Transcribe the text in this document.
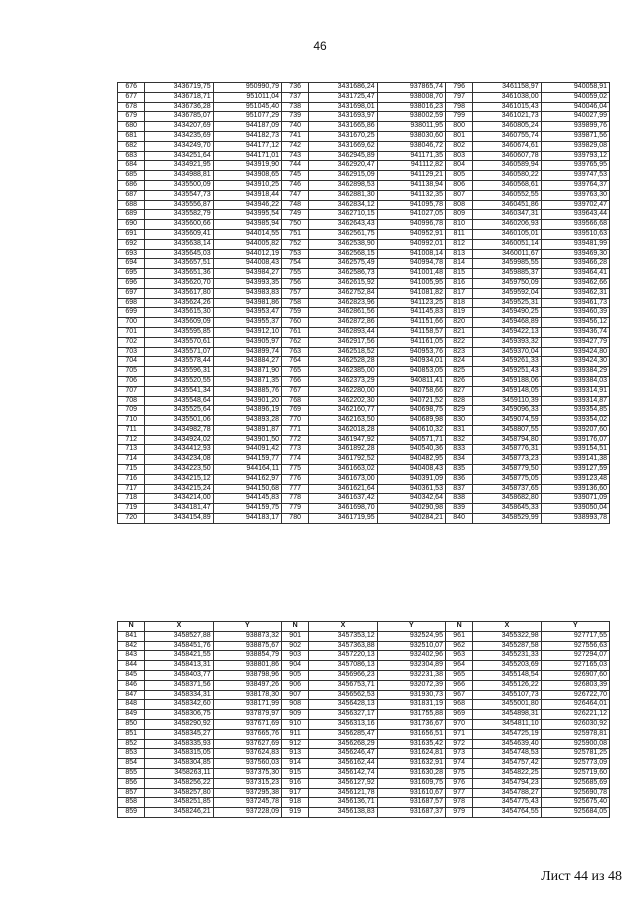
46
676	3436719,75	950990,79	736	3431686,24	937865,74	796	3461158,97	940058,91
677	3436718,71	951011,04	737	3431725,47	938008,70	797	3461038,00	940059,02
678	3436736,28	951045,40	738	3431698,01	938016,23	798	3461015,43	940046,04
679	3436785,07	951077,29	739	3431693,97	938002,59	799	3461021,73	940027,99
680	3434207,69	944187,09	740	3431665,86	938011,95	800	3460805,24	939899,76
681	3434235,69	944182,73	741	3431670,25	938030,60	801	3460755,74	939871,56
682	3434249,70	944177,12	742	3431669,62	938046,72	802	3460674,61	939829,08
683	3434251,64	944171,01	743	3462945,89	941171,35	803	3460607,78	939793,12
684	3434921,95	943919,90	744	3462920,47	941112,82	804	3460589,94	939765,95
685	3434988,81	943908,65	745	3462915,09	941129,21	805	3460580,22	939747,53
686	3435500,09	943910,25	746	3462898,53	941138,94	806	3460568,61	939764,37
687	3435547,73	943918,44	747	3462881,30	941132,35	807	3460552,55	939763,30
688	3435556,87	943946,22	748	3462834,12	941095,78	808	3460451,86	939702,47
689	3435582,79	943995,54	749	3462710,15	941027,05	809	3460347,31	939643,44
690	3435600,66	943985,94	750	3462643,43	940996,78	810	3460206,93	939566,68
691	3435609,41	944014,55	751	3462561,75	940952,91	811	3460105,01	939510,63
692	3435638,14	944005,82	752	3462538,90	940992,01	812	3460051,14	939481,99
693	3435645,03	944012,19	753	3462568,15	941008,14	813	3460011,67	939469,30
694	3435657,51	944008,43	754	3462575,49	940994,78	814	3459985,55	939466,28
695	3435651,36	943984,27	755	3462586,73	941001,48	815	3459885,37	939464,41
696	3435620,70	943993,35	756	3462615,92	941005,95	816	3459750,09	939462,66
697	3435617,80	943983,83	757	3462752,84	941081,82	817	3459592,04	939462,31
698	3435624,26	943981,86	758	3462823,96	941123,25	818	3459525,31	939461,73
699	3435615,30	943953,47	759	3462861,56	941145,83	819	3459490,25	939460,39
700	3435609,09	943955,37	760	3462872,86	941151,66	820	3459468,89	939456,12
701	3435595,85	943912,10	761	3462893,44	941158,57	821	3459422,13	939436,74
702	3435570,61	943905,97	762	3462917,56	941161,05	822	3459393,32	939427,79
703	3435571,07	943899,74	763	3462518,52	940953,76	823	3459370,04	939424,80
704	3435578,44	943884,27	764	3462528,28	940934,01	824	3459261,33	939424,30
705	3435596,31	943871,90	765	3462385,00	940853,05	825	3459251,43	939384,29
706	3435520,55	943871,35	766	3462373,29	940811,41	826	3459188,06	939384,03
707	3435541,34	943885,76	767	3462280,00	940758,66	827	3459148,05	939314,91
708	3435548,64	943901,20	768	3462202,30	940721,52	828	3459110,39	939314,87
709	3435525,64	943896,19	769	3462160,77	940698,75	829	3459096,33	939354,85
710	3435501,06	943893,28	770	3462163,50	940689,98	830	3459074,59	939354,02
711	3434982,78	943891,87	771	3462018,28	940610,32	831	3458807,55	939207,60
712	3434924,02	943901,50	772	3461947,92	940571,71	832	3458794,80	939176,07
713	3434412,93	944091,42	773	3461892,28	940540,36	833	3458776,31	939154,51
714	3434234,08	944159,77	774	3461792,52	940482,95	834	3458773,23	939141,38
715	3434223,50	944164,11	775	3461663,02	940408,43	835	3458779,50	939127,59
716	3434215,12	944162,97	776	3461673,00	940391,09	836	3458775,05	939123,48
717	3434215,24	944150,68	777	3461621,64	940361,53	837	3458737,65	939136,60
718	3434214,00	944145,83	778	3461637,42	940342,64	838	3458682,80	939071,09
719	3434181,47	944159,75	779	3461698,70	940290,98	839	3458645,33	939050,04
720	3434154,89	944183,17	780	3461719,95	940284,21	840	3458529,99	938993,78
N	X	Y	N	X	Y	N	X	Y
841	3458527,88	938873,32	901	3457353,12	932524,95	961	3455322,98	927717,55
842	3458451,76	938875,67	902	3457363,88	932510,07	962	3455287,58	927556,63
843	3458421,55	938854,79	903	3457220,13	932402,96	963	3455231,33	927294,07
844	3458413,31	938801,86	904	3457086,13	932304,89	964	3455203,69	927165,03
845	3458403,77	938798,96	905	3456966,23	932231,38	965	3455148,54	926907,60
846	3458371,56	938497,26	906	3456753,71	932072,39	966	3455126,22	926803,39
847	3458334,31	938178,30	907	3456562,53	931930,73	967	3455107,73	926722,70
848	3458342,60	938171,99	908	3456428,13	931831,19	968	3455001,80	926464,01
849	3458306,75	937879,97	909	3456327,17	931755,88	969	3454898,31	926221,12
850	3458290,92	937671,69	910	3456313,16	931736,67	970	3454811,10	926030,92
851	3458345,27	937665,76	911	3456285,47	931656,51	971	3454725,19	925978,81
852	3458335,93	937627,69	912	3456268,29	931635,42	972	3454639,40	925900,08
853	3458315,05	937624,83	913	3456246,47	931624,81	973	3454748,53	925781,25
854	3458304,85	937560,03	914	3456162,44	931632,91	974	3454757,42	925773,09
855	3458263,11	937375,30	915	3456142,74	931630,28	975	3454822,25	925719,60
856	3458256,22	937315,23	916	3456127,92	931609,75	976	3454794,23	925685,69
857	3458257,80	937295,38	917	3456121,78	931610,67	977	3454788,27	925690,78
858	3458251,85	937245,78	918	3456136,71	931687,57	978	3454775,43	925675,40
859	3458246,21	937228,09	919	3456138,83	931687,37	979	3454764,55	925684,05
Лист 44 из 48
